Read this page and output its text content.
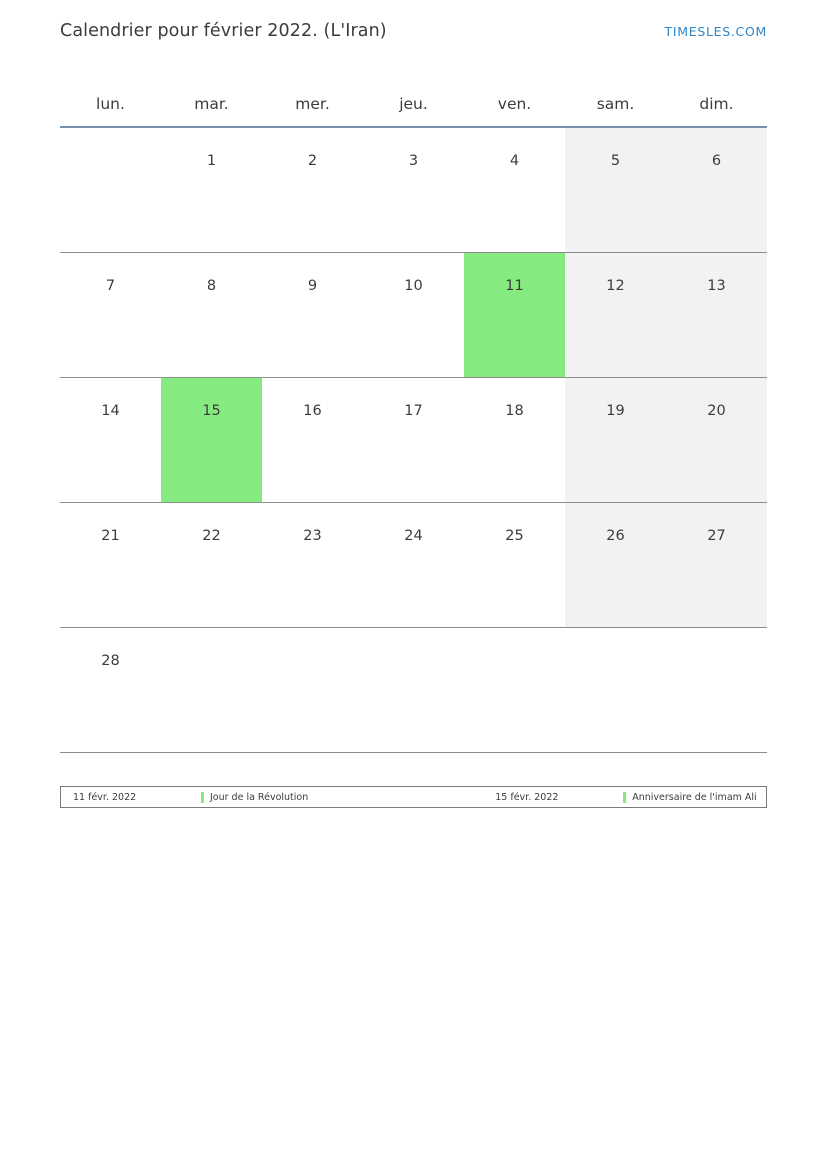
Calendrier pour février 2022. (L'Iran)	TIMESLES.COM
lun.	mar.	mer.	jeu.	ven.	sam.	dim.

	1	2	3	4	5	6

7	8	9	10	11	12	13

14	15	16	17	18	19	20

21	22	23	24	25	26	27

28						

11 févr. 2022	Jour de la Révolution	15 févr. 2022	Anniversaire de l'imam Ali
